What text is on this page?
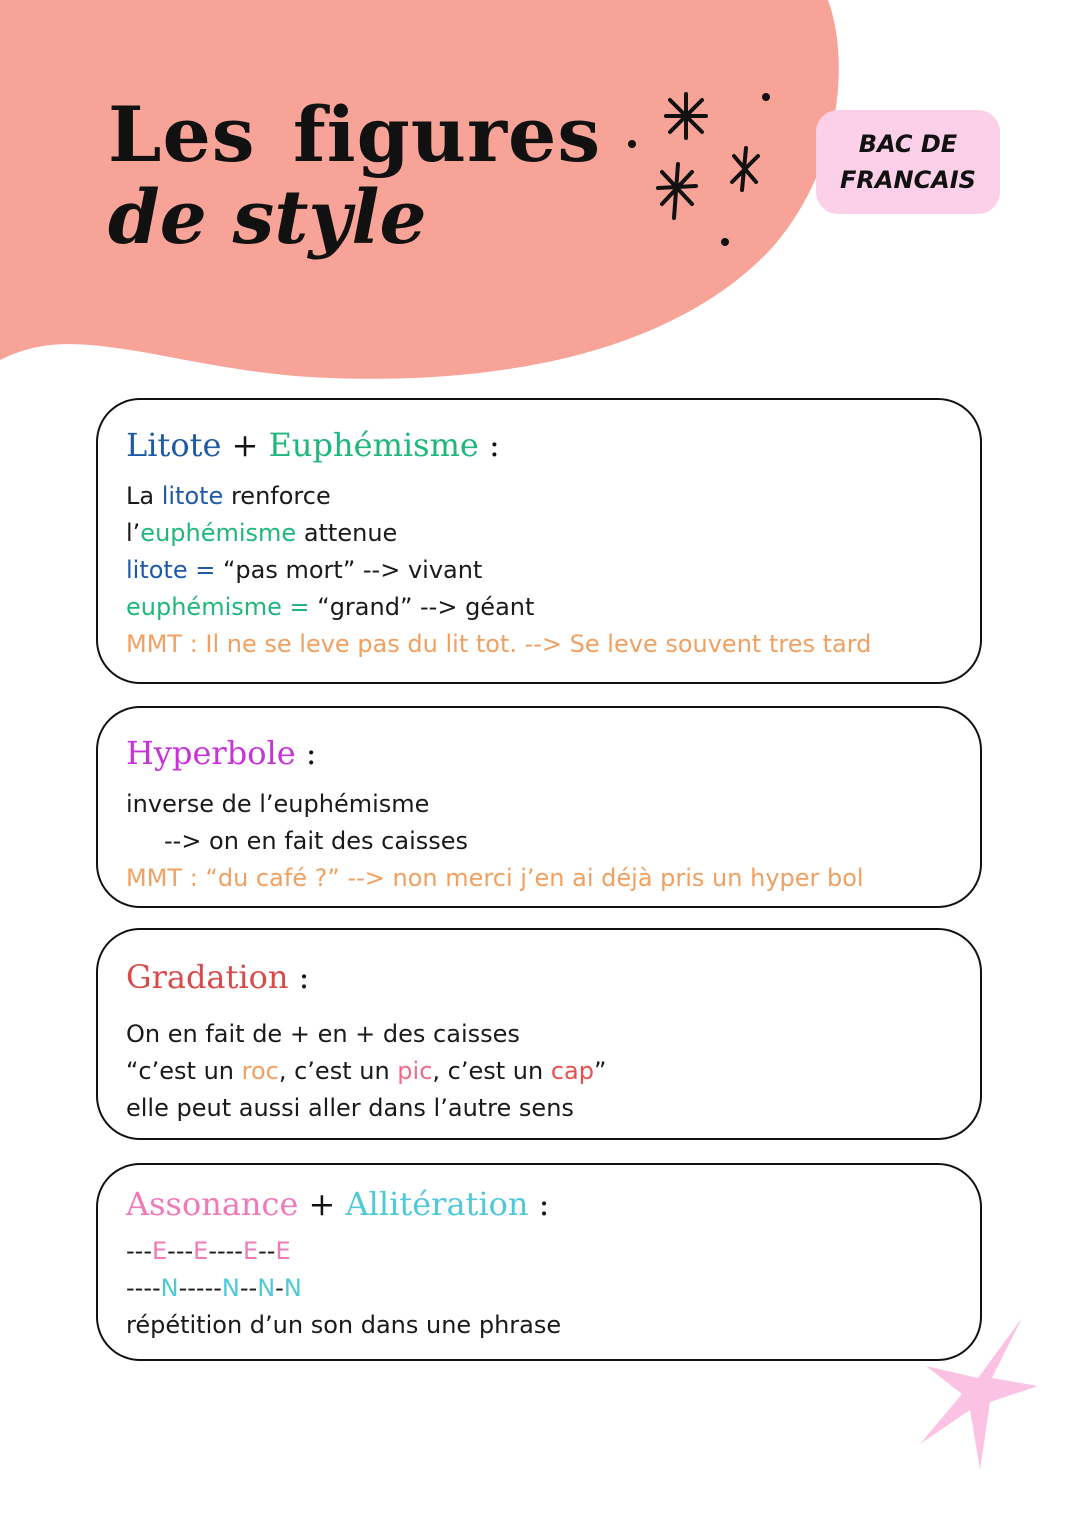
Les figures
de style
BAC DE
FRANCAIS
Litote + Euphémisme :

La litote renforce

l’euphémisme attenue

litote = “pas mort” --> vivant

euphémisme = “grand” --> géant

MMT : Il ne se leve pas du lit tot. --> Se leve souvent tres tard

Hyperbole :

inverse de l’euphémisme

--> on en fait des caisses

MMT : “du café ?” --> non merci j’en ai déjà pris un hyper bol

Gradation :

On en fait de + en + des caisses

“c’est un roc, c’est un pic, c’est un cap”

elle peut aussi aller dans l’autre sens

Assonance + Allitération :

---E---E----E--E

----N-----N--N-N

répétition d’un son dans une phrase
